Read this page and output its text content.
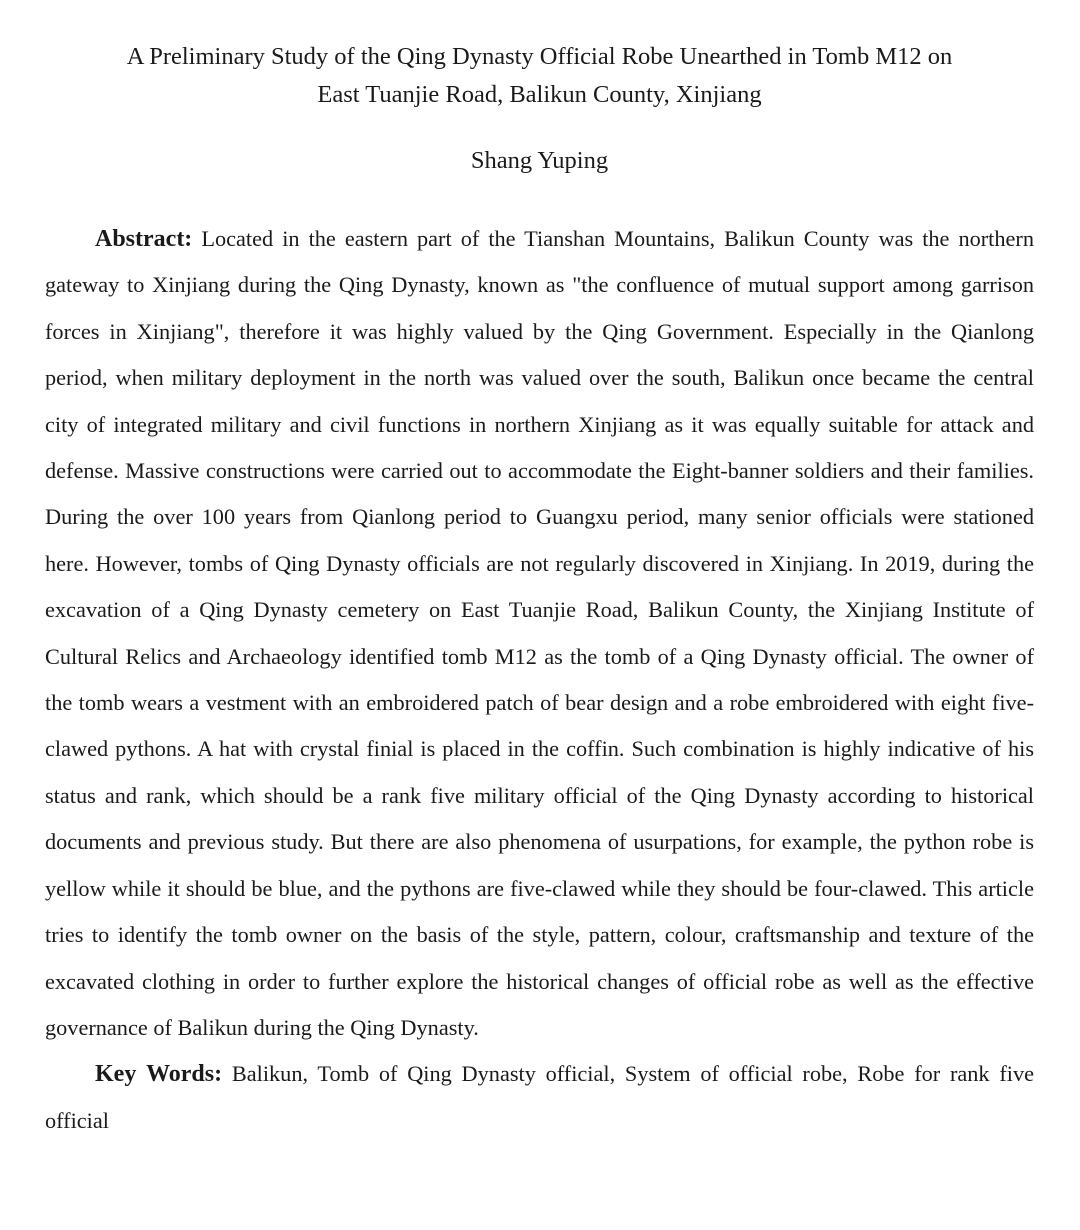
A Preliminary Study of the Qing Dynasty Official Robe Unearthed in Tomb M12 on
East Tuanjie Road, Balikun County, Xinjiang

Shang Yuping

Abstract: Located in the eastern part of the Tianshan Mountains, Balikun County was the northern gateway to Xinjiang during the Qing Dynasty, known as "the confluence of mutual support among garrison forces in Xinjiang", therefore it was highly valued by the Qing Government. Especially in the Qianlong period, when military deployment in the north was valued over the south, Balikun once became the central city of integrated military and civil functions in northern Xinjiang as it was equally suitable for attack and defense. Massive constructions were carried out to accommodate the Eight-banner soldiers and their families. During the over 100 years from Qianlong period to Guangxu period, many senior officials were stationed here. However, tombs of Qing Dynasty officials are not regularly discovered in Xinjiang. In 2019, during the excavation of a Qing Dynasty cemetery on East Tuanjie Road, Balikun County, the Xinjiang Institute of Cultural Relics and Archaeology identified tomb M12 as the tomb of a Qing Dynasty official. The owner of the tomb wears a vestment with an embroidered patch of bear design and a robe embroidered with eight five-clawed pythons. A hat with crystal finial is placed in the coffin. Such combination is highly indicative of his status and rank, which should be a rank five military official of the Qing Dynasty according to historical documents and previous study. But there are also phenomena of usurpations, for example, the python robe is yellow while it should be blue, and the pythons are five-clawed while they should be four-clawed. This article tries to identify the tomb owner on the basis of the style, pattern, colour, craftsmanship and texture of the excavated clothing in order to further explore the historical changes of official robe as well as the effective governance of Balikun during the Qing Dynasty.

Key Words: Balikun, Tomb of Qing Dynasty official, System of official robe, Robe for rank five official
